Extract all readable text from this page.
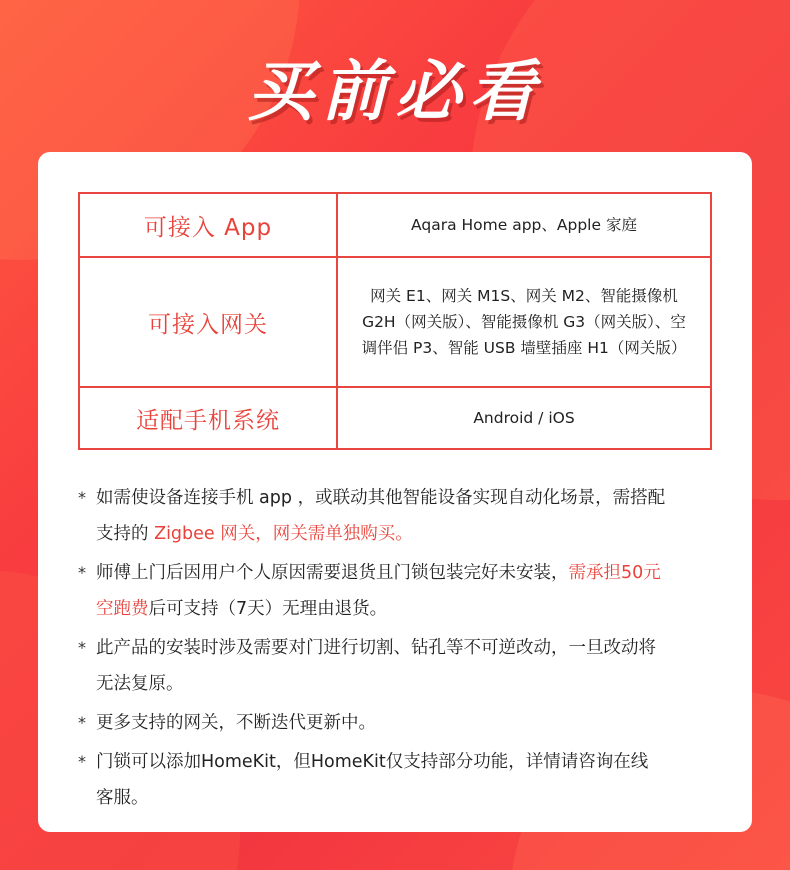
买前必看
可接入 App	Aqara Home app、Apple 家庭
可接入网关
网关 E1、网关 M1S、网关 M2、智能摄像机
G2H（网关版）、智能摄像机 G3（网关版）、空
调伴侣 P3、智能 USB 墙壁插座 H1（网关版）
适配手机系统	Android / iOS
* 如需使设备连接手机 app ，或联动其他智能设备实现自动化场景，需搭配
支持的 Zigbee 网关，网关需单独购买。
* 师傅上门后因用户个人原因需要退货且门锁包装完好未安装，需承担50元
空跑费后可支持（7天）无理由退货。
* 此产品的安装时涉及需要对门进行切割、钻孔等不可逆改动，一旦改动将
无法复原。
* 更多支持的网关，不断迭代更新中。
* 门锁可以添加HomeKit，但HomeKit仅支持部分功能，详情请咨询在线
客服。
